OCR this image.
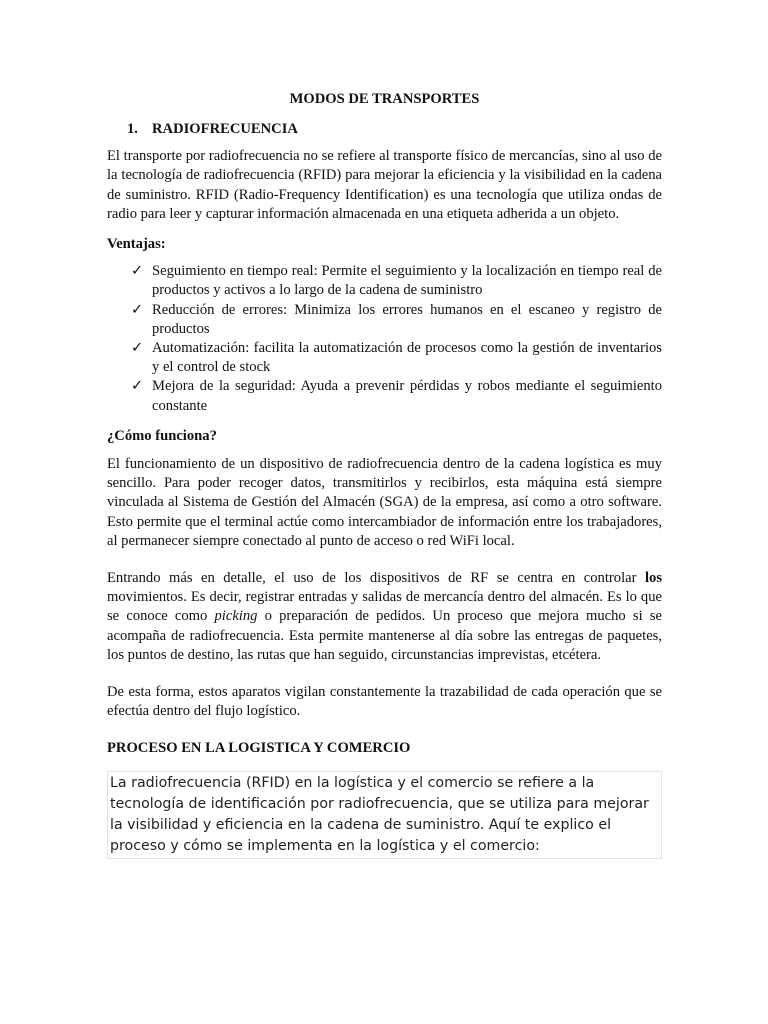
MODOS DE TRANSPORTES

1. RADIOFRECUENCIA

El transporte por radiofrecuencia no se refiere al transporte físico de mercancías, sino al uso de la tecnología de radiofrecuencia (RFID) para mejorar la eficiencia y la visibilidad en la cadena de suministro. RFID (Radio-Frequency Identification) es una tecnología que utiliza ondas de radio para leer y capturar información almacenada en una etiqueta adherida a un objeto.

Ventajas:

✓ Seguimiento en tiempo real: Permite el seguimiento y la localización en tiempo real de productos y activos a lo largo de la cadena de suministro
✓ Reducción de errores: Minimiza los errores humanos en el escaneo y registro de productos
✓ Automatización: facilita la automatización de procesos como la gestión de inventarios y el control de stock
✓ Mejora de la seguridad: Ayuda a prevenir pérdidas y robos mediante el seguimiento constante

¿Cómo funciona?

El funcionamiento de un dispositivo de radiofrecuencia dentro de la cadena logística es muy sencillo. Para poder recoger datos, transmitirlos y recibirlos, esta máquina está siempre vinculada al Sistema de Gestión del Almacén (SGA) de la empresa, así como a otro software. Esto permite que el terminal actúe como intercambiador de información entre los trabajadores, al permanecer siempre conectado al punto de acceso o red WiFi local.

Entrando más en detalle, el uso de los dispositivos de RF se centra en controlar los movimientos. Es decir, registrar entradas y salidas de mercancía dentro del almacén. Es lo que se conoce como picking o preparación de pedidos. Un proceso que mejora mucho si se acompaña de radiofrecuencia. Esta permite mantenerse al día sobre las entregas de paquetes, los puntos de destino, las rutas que han seguido, circunstancias imprevistas, etcétera.

De esta forma, estos aparatos vigilan constantemente la trazabilidad de cada operación que se efectúa dentro del flujo logístico.

PROCESO EN LA LOGISTICA Y COMERCIO

La radiofrecuencia (RFID) en la logística y el comercio se refiere a la tecnología de identificación por radiofrecuencia, que se utiliza para mejorar la visibilidad y eficiencia en la cadena de suministro. Aquí te explico el proceso y cómo se implementa en la logística y el comercio:
